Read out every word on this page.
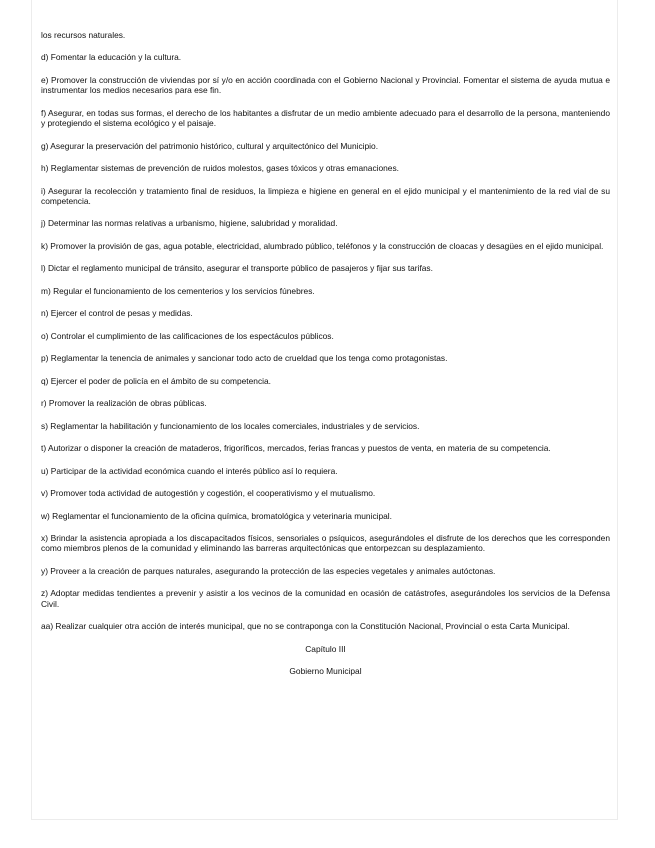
los recursos naturales.

d) Fomentar la educación y la cultura.

e) Promover la construcción de viviendas por sí y/o en acción coordinada con el Gobierno Nacional y Provincial. Fomentar el sistema de ayuda mutua e instrumentar los medios necesarios para ese fin.

f) Asegurar, en todas sus formas, el derecho de los habitantes a disfrutar de un medio ambiente adecuado para el desarrollo de la persona, manteniendo y protegiendo el sistema ecológico y el paisaje.

g) Asegurar la preservación del patrimonio histórico, cultural y arquitectónico del Municipio.

h) Reglamentar sistemas de prevención de ruidos molestos, gases tóxicos y otras emanaciones.

i) Asegurar la recolección y tratamiento final de residuos, la limpieza e higiene en general en el ejido municipal y el mantenimiento de la red vial de su competencia.

j) Determinar las normas relativas a urbanismo, higiene, salubridad y moralidad.

k) Promover la provisión de gas, agua potable, electricidad, alumbrado público, teléfonos y la construcción de cloacas y desagües en el ejido municipal.

l) Dictar el reglamento municipal de tránsito, asegurar el transporte público de pasajeros y fijar sus tarifas.

m) Regular el funcionamiento de los cementerios y los servicios fúnebres.

n) Ejercer el control de pesas y medidas.

o) Controlar el cumplimiento de las calificaciones de los espectáculos públicos.

p) Reglamentar la tenencia de animales y sancionar todo acto de crueldad que los tenga como protagonistas.

q) Ejercer el poder de policía en el ámbito de su competencia.

r) Promover la realización de obras públicas.

s) Reglamentar la habilitación y funcionamiento de los locales comerciales, industriales y de servicios.

t) Autorizar o disponer la creación de mataderos, frigoríficos, mercados, ferias francas y puestos de venta, en materia de su competencia.

u) Participar de la actividad económica cuando el interés público así lo requiera.

v) Promover toda actividad de autogestión y cogestión, el cooperativismo y el mutualismo.

w) Reglamentar el funcionamiento de la oficina química, bromatológica y veterinaria municipal.

x) Brindar la asistencia apropiada a los discapacitados físicos, sensoriales o psíquicos, asegurándoles el disfrute de los derechos que les corresponden como miembros plenos de la comunidad y eliminando las barreras arquitectónicas que entorpezcan su desplazamiento.

y) Proveer a la creación de parques naturales, asegurando la protección de las especies vegetales y animales autóctonas.

z) Adoptar medidas tendientes a prevenir y asistir a los vecinos de la comunidad en ocasión de catástrofes, asegurándoles los servicios de la Defensa Civil.

aa) Realizar cualquier otra acción de interés municipal, que no se contraponga con la Constitución Nacional, Provincial o esta Carta Municipal.

Capítulo III

Gobierno Municipal
